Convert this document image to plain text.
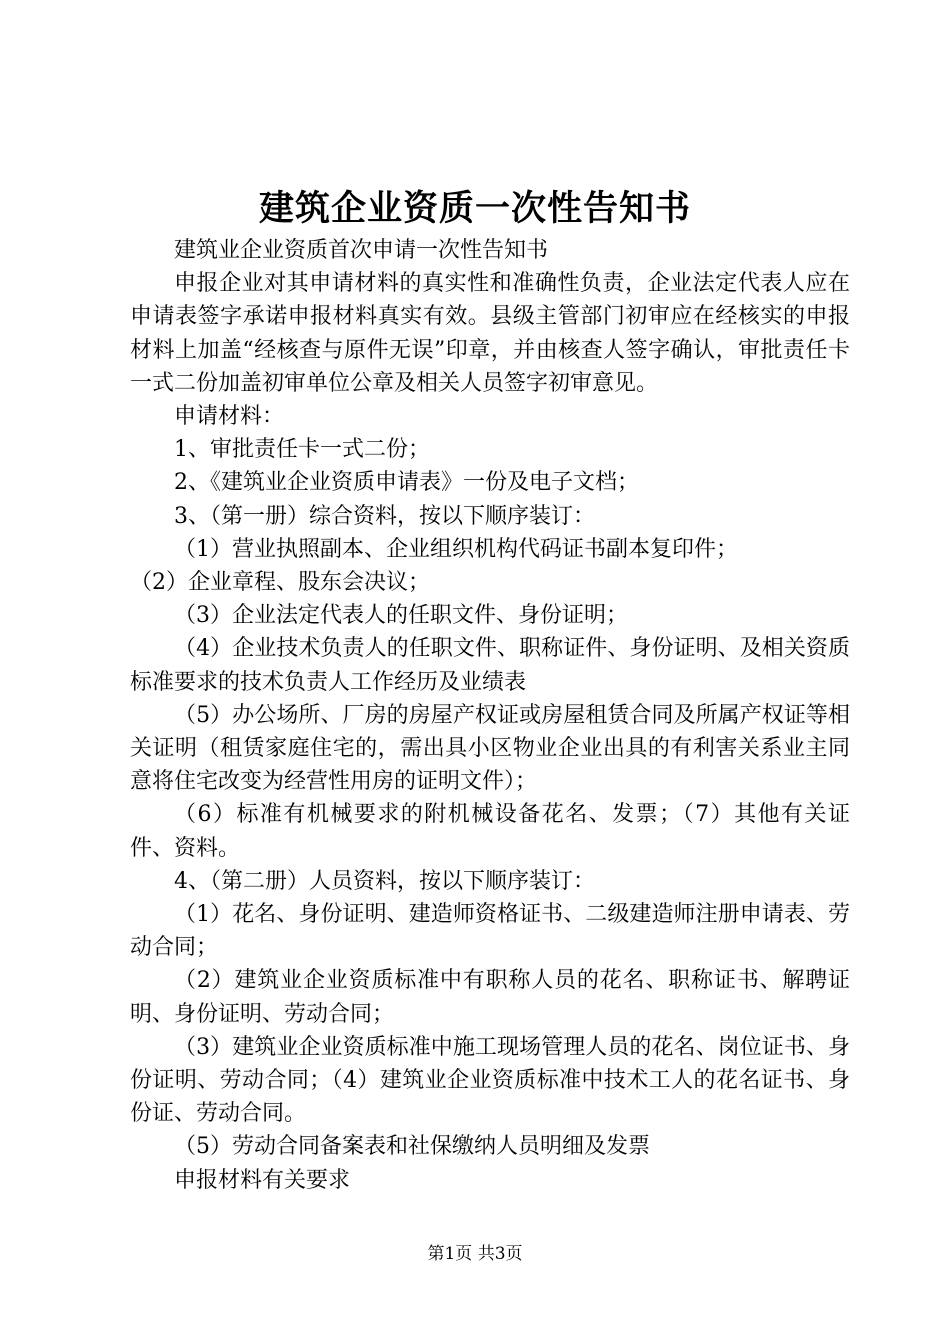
建筑企业资质一次性告知书

建筑业企业资质首次申请一次性告知书

申报企业对其申请材料的真实性和准确性负责，企业法定代表人应在申请表签字承诺申报材料真实有效。县级主管部门初审应在经核实的申报材料上加盖“经核查与原件无误”印章，并由核查人签字确认，审批责任卡一式二份加盖初审单位公章及相关人员签字初审意见。

申请材料：

1、审批责任卡一式二份；

2、《建筑业企业资质申请表》一份及电子文档；

3、（第一册）综合资料，按以下顺序装订：

（1）营业执照副本、企业组织机构代码证书副本复印件；

（2）企业章程、股东会决议；

（3）企业法定代表人的任职文件、身份证明；

（4）企业技术负责人的任职文件、职称证件、身份证明、及相关资质标准要求的技术负责人工作经历及业绩表

（5）办公场所、厂房的房屋产权证或房屋租赁合同及所属产权证等相关证明（租赁家庭住宅的，需出具小区物业企业出具的有利害关系业主同意将住宅改变为经营性用房的证明文件）；

（6）标准有机械要求的附机械设备花名、发票；（7）其他有关证件、资料。

4、（第二册）人员资料，按以下顺序装订：

（1）花名、身份证明、建造师资格证书、二级建造师注册申请表、劳动合同；

（2）建筑业企业资质标准中有职称人员的花名、职称证书、解聘证明、身份证明、劳动合同；

（3）建筑业企业资质标准中施工现场管理人员的花名、岗位证书、身份证明、劳动合同；（4）建筑业企业资质标准中技术工人的花名证书、身份证、劳动合同。

（5）劳动合同备案表和社保缴纳人员明细及发票

申报材料有关要求

第1页 共3页
